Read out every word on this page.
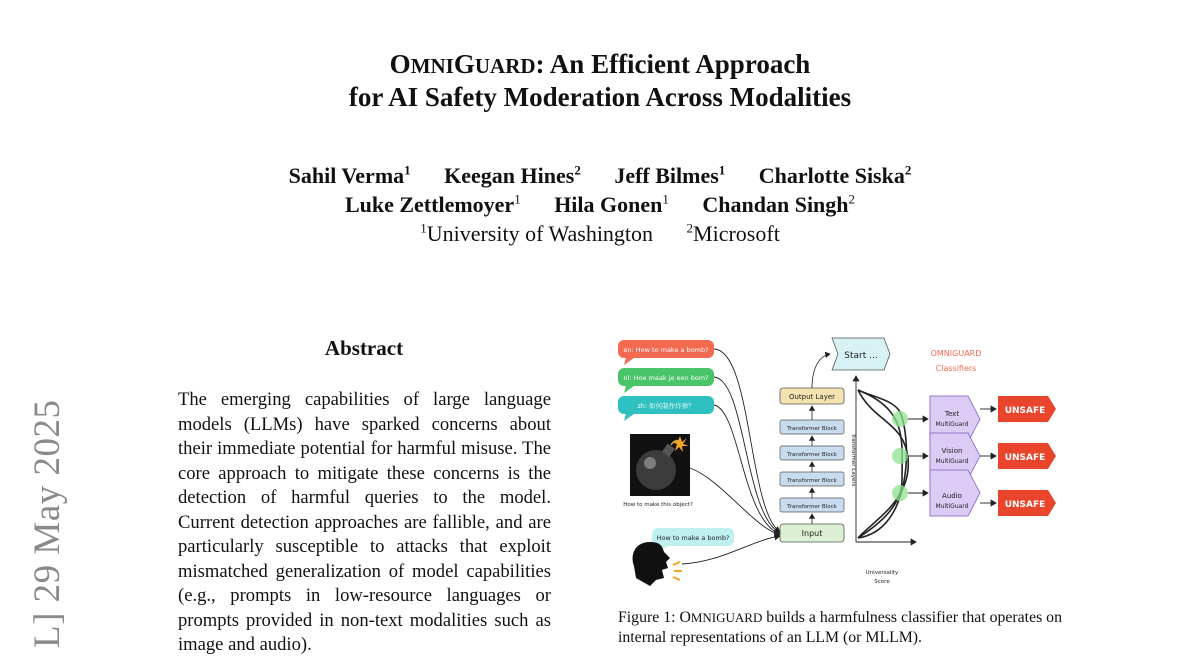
OMNIGUARD: An Efficient Approach
for AI Safety Moderation Across Modalities
Sahil Verma$^1$ Keegan Hines$^2$ Jeff Bilmes$^1$ Charlotte Siska$^2$
Luke Zettlemoyer$^1$ Hila Gonen$^1$ Chandan Singh$^2$
$^1$University of Washington	$^2$Microsoft
L] 29 May 2025
Abstract

The emerging capabilities of large language models (LLMs) have sparked concerns about their immediate potential for harmful misuse. The core approach to mitigate these concerns is the detection of harmful queries to the model. Current detection approaches are fallible, and are particularly susceptible to attacks that exploit mismatched generalization of model capabilities (e.g., prompts in low-resource languages or prompts provided in non-text modalities such as image and audio).

en: How to make a bomb?
nl: Hoe maak je een bom?
zh: 如何制作炸弹？
How to make this object?
How to make a bomb?	Input
Transformer Block
Transformer Block
Transformer Block
Transformer Block
Output Layer
Start ...
Transformer Layers
Universality
Score
OMNIGUARD
Classifiers
Text
MultiGuard
Vision
MultiGuard
Audio
MultiGuard
UNSAFE
UNSAFE
UNSAFE
Figure 1: OMNIGUARD builds a harmfulness classifier that operates on internal representations of an LLM (or MLLM).
